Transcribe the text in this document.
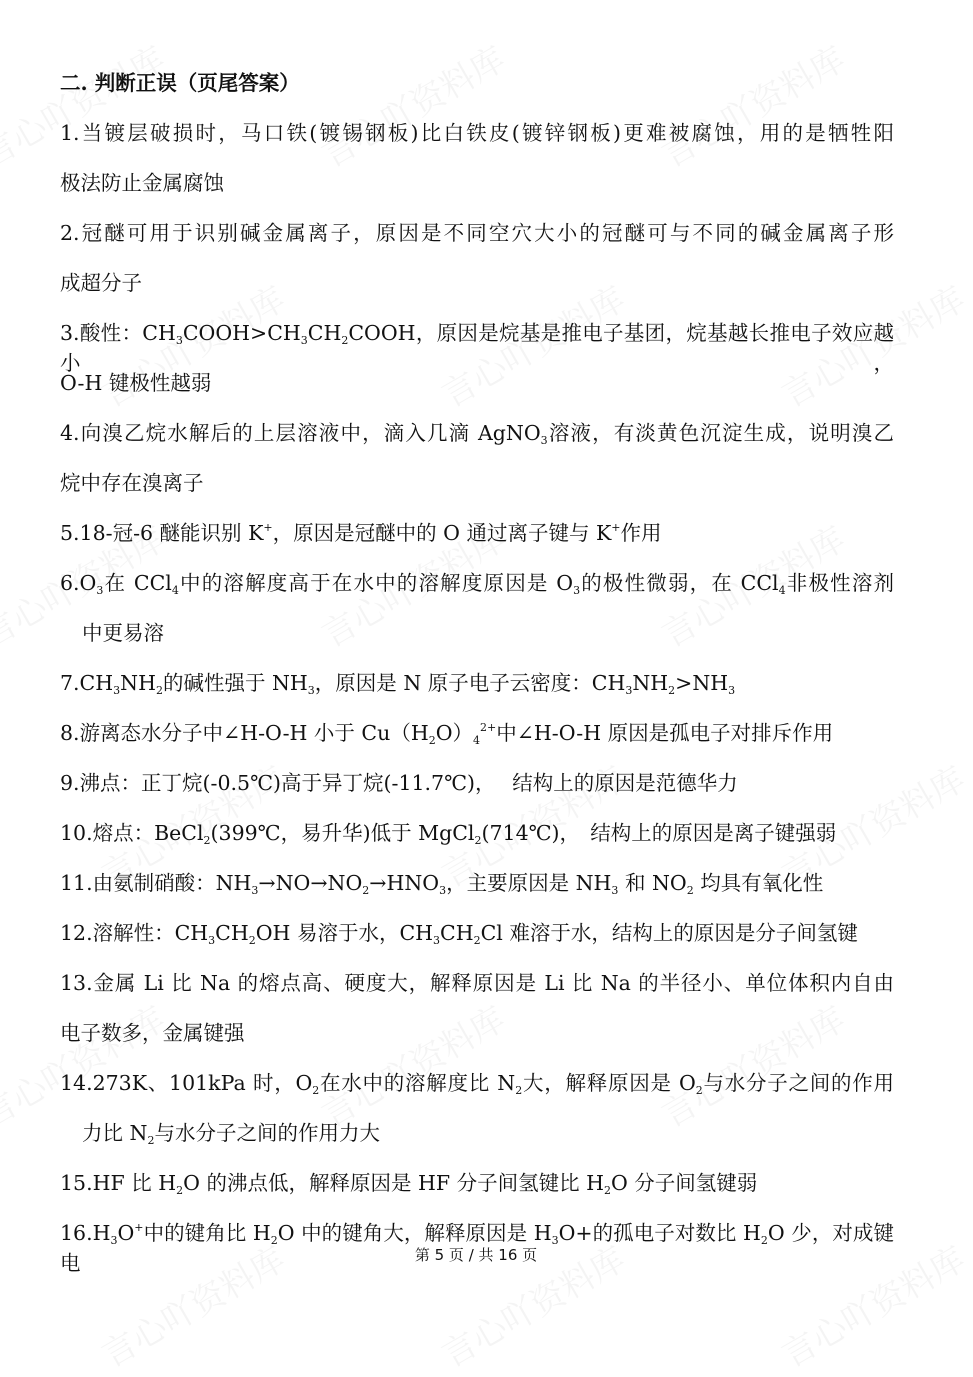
二. 判断正误（页尾答案）
1.当镀层破损时，马口铁(镀锡钢板)比白铁皮(镀锌钢板)更难被腐蚀，用的是牺牲阳
极法防止金属腐蚀
2.冠醚可用于识别碱金属离子，原因是不同空穴大小的冠醚可与不同的碱金属离子形
成超分子
3.酸性：$CH_3COOH>CH_3CH_2COOH$，原因是烷基是推电子基团，烷基越长推电子效应越小，
O-H 键极性越弱
4.向溴乙烷水解后的上层溶液中，滴入几滴 AgNO$_3$溶液，有淡黄色沉淀生成，说明溴乙
烷中存在溴离子
5.18-冠-6 醚能识别 K+，原因是冠醚中的 O 通过离子键与 K+作用
$6.O_3$在 CCl$_4$中的溶解度高于在水中的溶解度原因是 $O_3$的极性微弱，在 CCl$_4$非极性溶剂
中更易溶
$7.CH_3NH_2$的碱性强于 $NH_3$，原因是 N 原子电子云密度：$CH_3NH_2>NH_3$
8.游离态水分子中∠H-O-H 小于 $Cu(H_2O)_4^{2+}$中∠H-O-H 原因是孤电子对排斥作用
9.沸点：正丁烷(-0.5℃)高于异丁烷(-11.7℃)，　 结构上的原因是范德华力
10.熔点：BeCl$_2$(399℃，易升华)低于 MgCl$_2$(714℃)，　结构上的原因是离子键强弱
11.由氨制硝酸：$NH_3\to NO\to NO_2\to HNO_3$，主要原因是 $NH_3$ 和 $NO_2$ 均具有氧化性
12.溶解性：$CH_3CH_2OH$ 易溶于水，$CH_3CH_2Cl$ 难溶于水，结构上的原因是分子间氢键
13.金属 Li 比 Na 的熔点高、硬度大，解释原因是 Li 比 Na 的半径小、单位体积内自由
电子数多，金属键强
14.273K、101kPa 时，$O_2$在水中的溶解度比 $N_2$大，解释原因是 $O_2$与水分子之间的作用
力比 $N_2$与水分子之间的作用力大
15.HF 比 $H_2O$ 的沸点低，解释原因是 HF 分子间氢键比 $H_2O$ 分子间氢键弱
$16.H_3O^+$中的键角比 $H_2O$ 中的键角大，解释原因是 $H_3O+$的孤电子对数比 $H_2O$ 少，对成键电	第 5 页 / 共 16 页
